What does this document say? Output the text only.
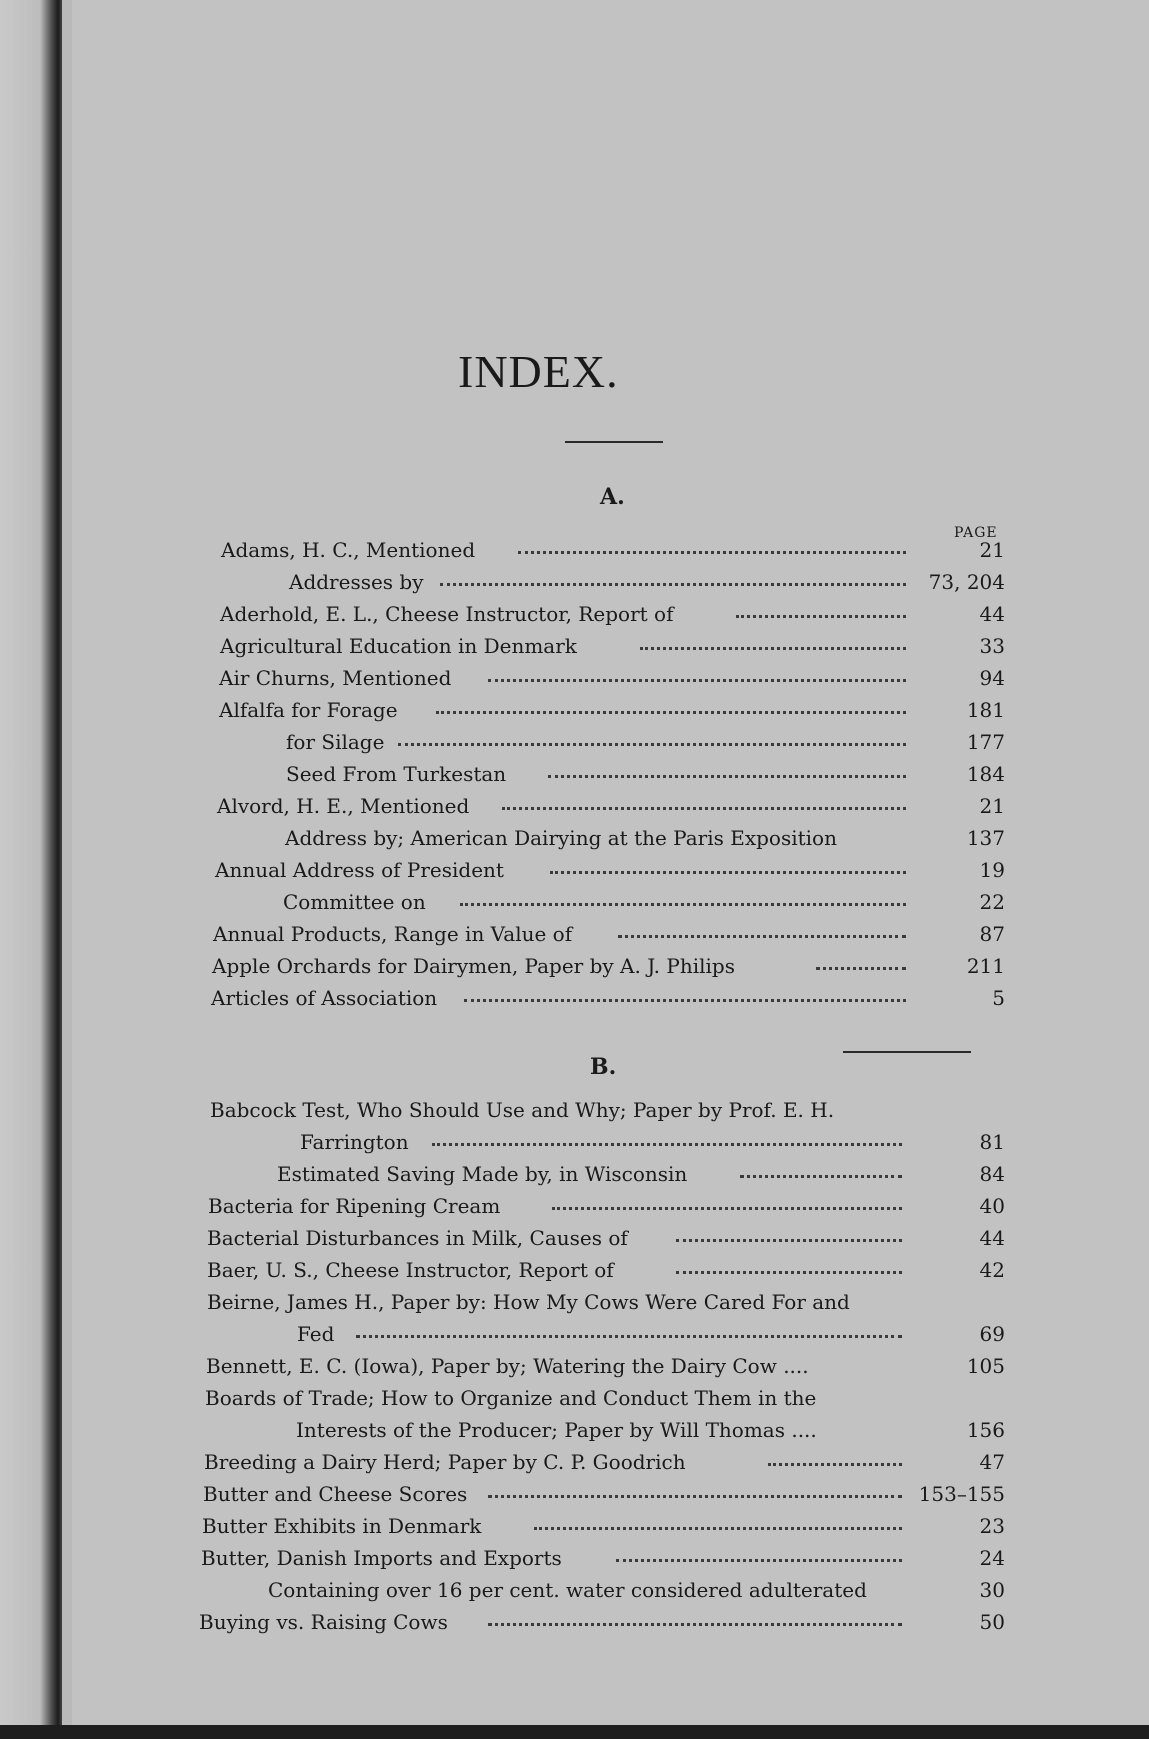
INDEX.
A.
PAGE
Adams, H. C., Mentioned	21
Addresses by	73, 204
Aderhold, E. L., Cheese Instructor, Report of	44
Agricultural Education in Denmark	33
Air Churns, Mentioned	94
Alfalfa for Forage	181
for Silage	177
Seed From Turkestan	184
Alvord, H. E., Mentioned	21
Address by; American Dairying at the Paris Exposition	137
Annual Address of President	19
Committee on	22
Annual Products, Range in Value of	87
Apple Orchards for Dairymen, Paper by A. J. Philips	211
Articles of Association	5
B.
Babcock Test, Who Should Use and Why; Paper by Prof. E. H.
Farrington	81
Estimated Saving Made by, in Wisconsin	84
Bacteria for Ripening Cream	40
Bacterial Disturbances in Milk, Causes of	44
Baer, U. S., Cheese Instructor, Report of	42
Beirne, James H., Paper by: How My Cows Were Cared For and
Fed	69
Bennett, E. C. (Iowa), Paper by; Watering the Dairy Cow ....	105
Boards of Trade; How to Organize and Conduct Them in the
Interests of the Producer; Paper by Will Thomas ....	156
Breeding a Dairy Herd; Paper by C. P. Goodrich	47
Butter and Cheese Scores	153–155
Butter Exhibits in Denmark	23
Butter, Danish Imports and Exports	24
Containing over 16 per cent. water considered adulterated	30
Buying vs. Raising Cows	50
